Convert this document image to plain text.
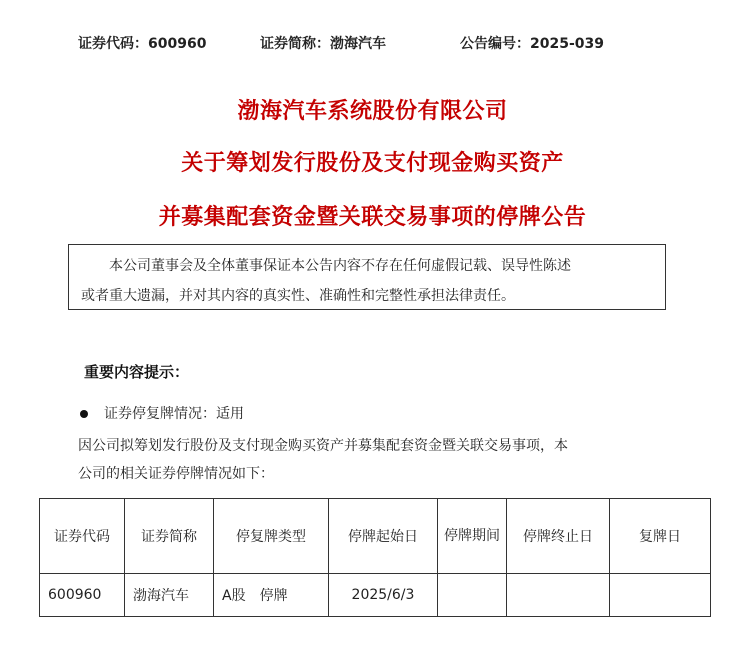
证券代码：600960	证券简称：渤海汽车	公告编号：2025-039
渤海汽车系统股份有限公司
关于筹划发行股份及支付现金购买资产
并募集配套资金暨关联交易事项的停牌公告

本公司董事会及全体董事保证本公告内容不存在任何虚假记载、误导性陈述

或者重大遗漏，并对其内容的真实性、准确性和完整性承担法律责任。

重要内容提示：
证券停复牌情况：适用
因公司拟筹划发行股份及支付现金购买资产并募集配套资金暨关联交易事项，本
公司的相关证券停牌情况如下：
证券代码	证券简称	停复牌类型	停牌起始日	停牌期间	停牌终止日	复牌日
600960	渤海汽车	A股　停牌	2025/6/3			
